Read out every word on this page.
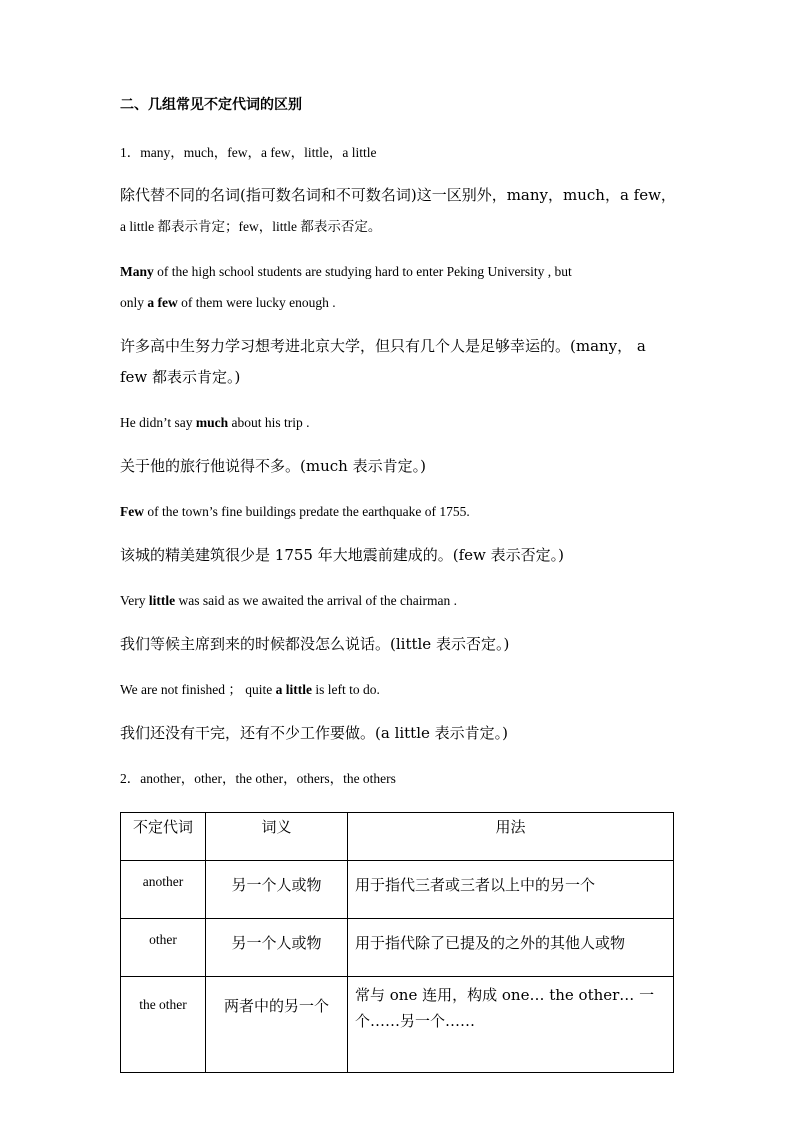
二、几组常见不定代词的区别
1．many，much，few，a few，little，a little
除代替不同的名词(指可数名词和不可数名词)这一区别外，many，much，a few，
a little 都表示肯定；few，little 都表示否定。
Many of the high school students are studying hard to enter Peking University , but
only a few of them were lucky enough .
许多高中生努力学习想考进北京大学，但只有几个人是足够幸运的。(many， a
few 都表示肯定。)
He didn’t say much about his trip .
关于他的旅行他说得不多。(much 表示肯定。)
Few of the town’s fine buildings predate the earthquake of 1755.
该城的精美建筑很少是 1755 年大地震前建成的。(few 表示否定。)
Very little was said as we awaited the arrival of the chairman .
我们等候主席到来的时候都没怎么说话。(little 表示否定。)
We are not finished ； quite a little is left to do.
我们还没有干完，还有不少工作要做。(a little 表示肯定。)
2．another，other，the other，others，the others
不定代词	词义	用法
another	另一个人或物	用于指代三者或三者以上中的另一个
other	另一个人或物	用于指代除了已提及的之外的其他人或物
the other	两者中的另一个	常与 one 连用，构成 one… the other… 一
个……另一个……
